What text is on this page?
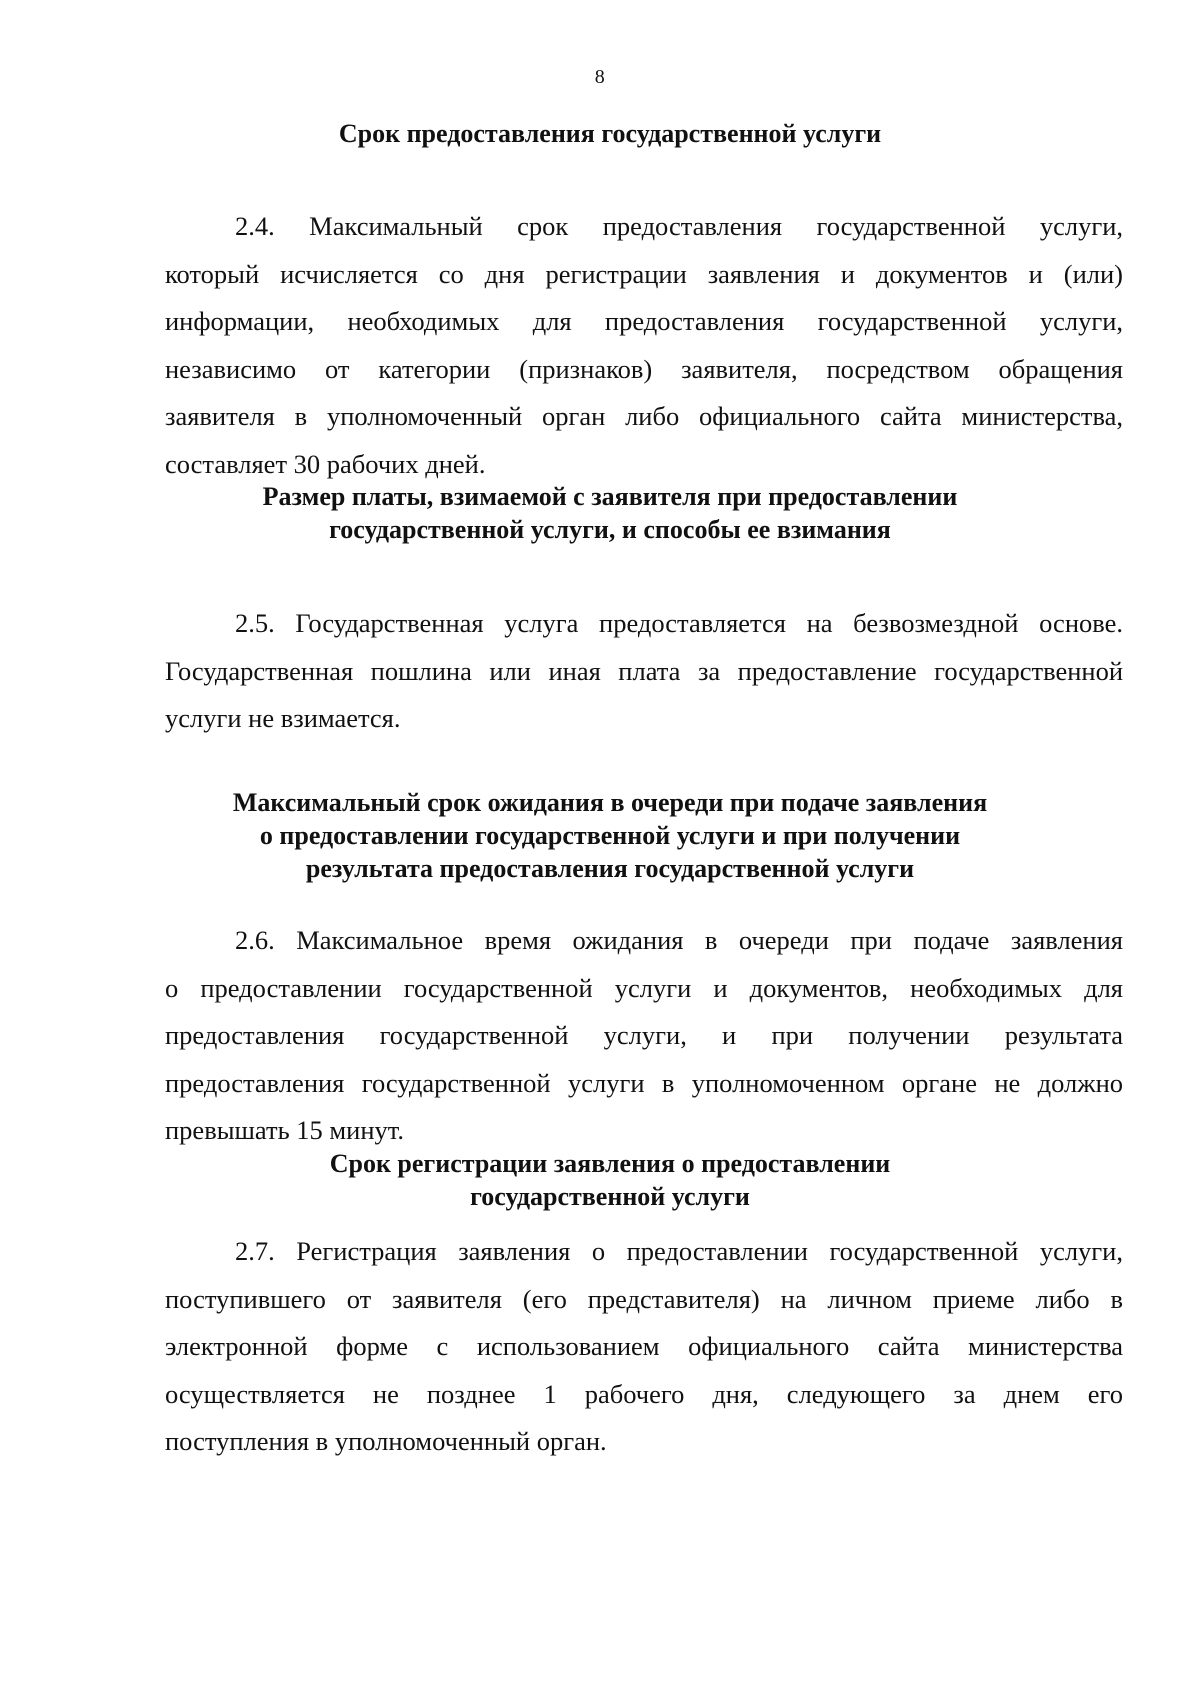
8
Срок предоставления государственной услуги
2.4. Максимальный срок предоставления государственной услуги,
который исчисляется со дня регистрации заявления и документов и (или)
информации, необходимых для предоставления государственной услуги,
независимо от категории (признаков) заявителя, посредством обращения
заявителя в уполномоченный орган либо официального сайта министерства,
составляет 30 рабочих дней.
Размер платы, взимаемой с заявителя при предоставлении
государственной услуги, и способы ее взимания
2.5. Государственная услуга предоставляется на безвозмездной основе.
Государственная пошлина или иная плата за предоставление государственной
услуги не взимается.
Максимальный срок ожидания в очереди при подаче заявления
о предоставлении государственной услуги и при получении
результата предоставления государственной услуги
2.6. Максимальное время ожидания в очереди при подаче заявления
о предоставлении государственной услуги и документов, необходимых для
предоставления государственной услуги, и при получении результата
предоставления государственной услуги в уполномоченном органе не должно
превышать 15 минут.
Срок регистрации заявления о предоставлении
государственной услуги
2.7. Регистрация заявления о предоставлении государственной услуги,
поступившего от заявителя (его представителя) на личном приеме либо в
электронной форме с использованием официального сайта министерства
осуществляется не позднее 1 рабочего дня, следующего за днем его
поступления в уполномоченный орган.
